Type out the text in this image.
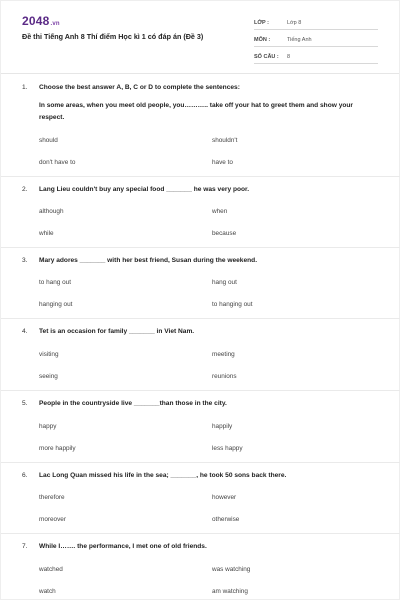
2048.vn
Đề thi Tiếng Anh 8 Thí điểm Học kì 1 có đáp án (Đề 3)
LỚP :	Lớp 8
MÔN :	Tiếng Anh
SỐ CÂU :	8
1. Choose the best answer A, B, C or D to complete the sentences:
In some areas, when you meet old people, you……….. take off your hat to greet them and show your respect.
should	shouldn't
don't have to	have to
2. Lang Lieu couldn't buy any special food _______ he was very poor.
although	when
while	because
3. Mary adores _______ with her best friend, Susan during the weekend.
to hang out	hang out
hanging out	to hanging out
4. Tet is an occasion for family _______ in Viet Nam.
visiting	meeting
seeing	reunions
5. People in the countryside live _______than those in the city.
happy	happily
more happily	less happy
6. Lac Long Quan missed his life in the sea; _______, he took 50 sons back there.
therefore	however
moreover	otherwise
7. While I……. the performance, I met one of old friends.
watched	was watching
watch	am watching
